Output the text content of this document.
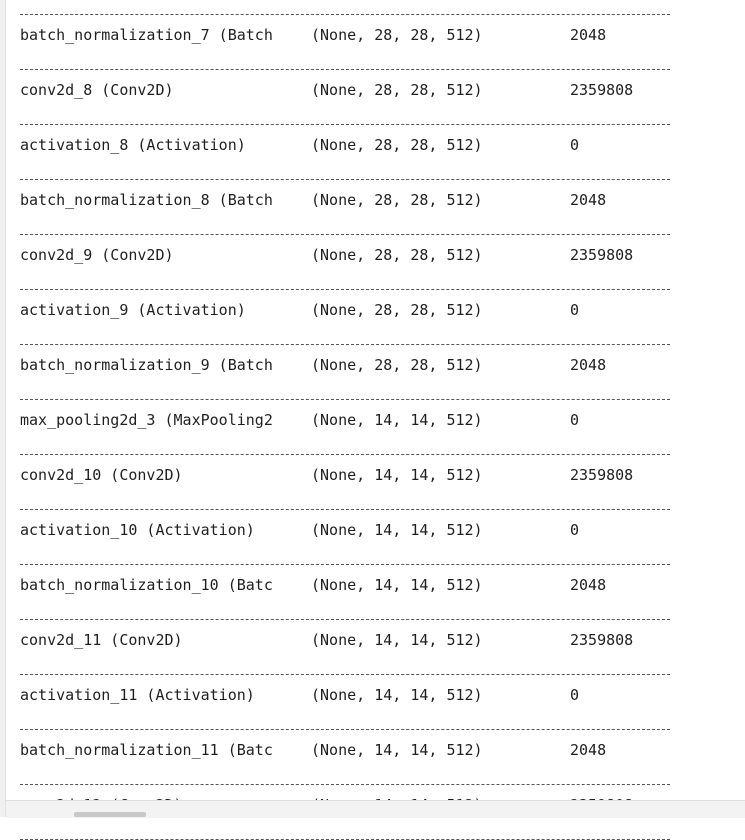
batch_normalization_7 (Batch	(None, 28, 28, 512)	2048
conv2d_8 (Conv2D)	(None, 28, 28, 512)	2359808
activation_8 (Activation)	(None, 28, 28, 512)	0
batch_normalization_8 (Batch	(None, 28, 28, 512)	2048
conv2d_9 (Conv2D)	(None, 28, 28, 512)	2359808
activation_9 (Activation)	(None, 28, 28, 512)	0
batch_normalization_9 (Batch	(None, 28, 28, 512)	2048
max_pooling2d_3 (MaxPooling2	(None, 14, 14, 512)	0
conv2d_10 (Conv2D)	(None, 14, 14, 512)	2359808
activation_10 (Activation)	(None, 14, 14, 512)	0
batch_normalization_10 (Batc	(None, 14, 14, 512)	2048
conv2d_11 (Conv2D)	(None, 14, 14, 512)	2359808
activation_11 (Activation)	(None, 14, 14, 512)	0
batch_normalization_11 (Batc	(None, 14, 14, 512)	2048
